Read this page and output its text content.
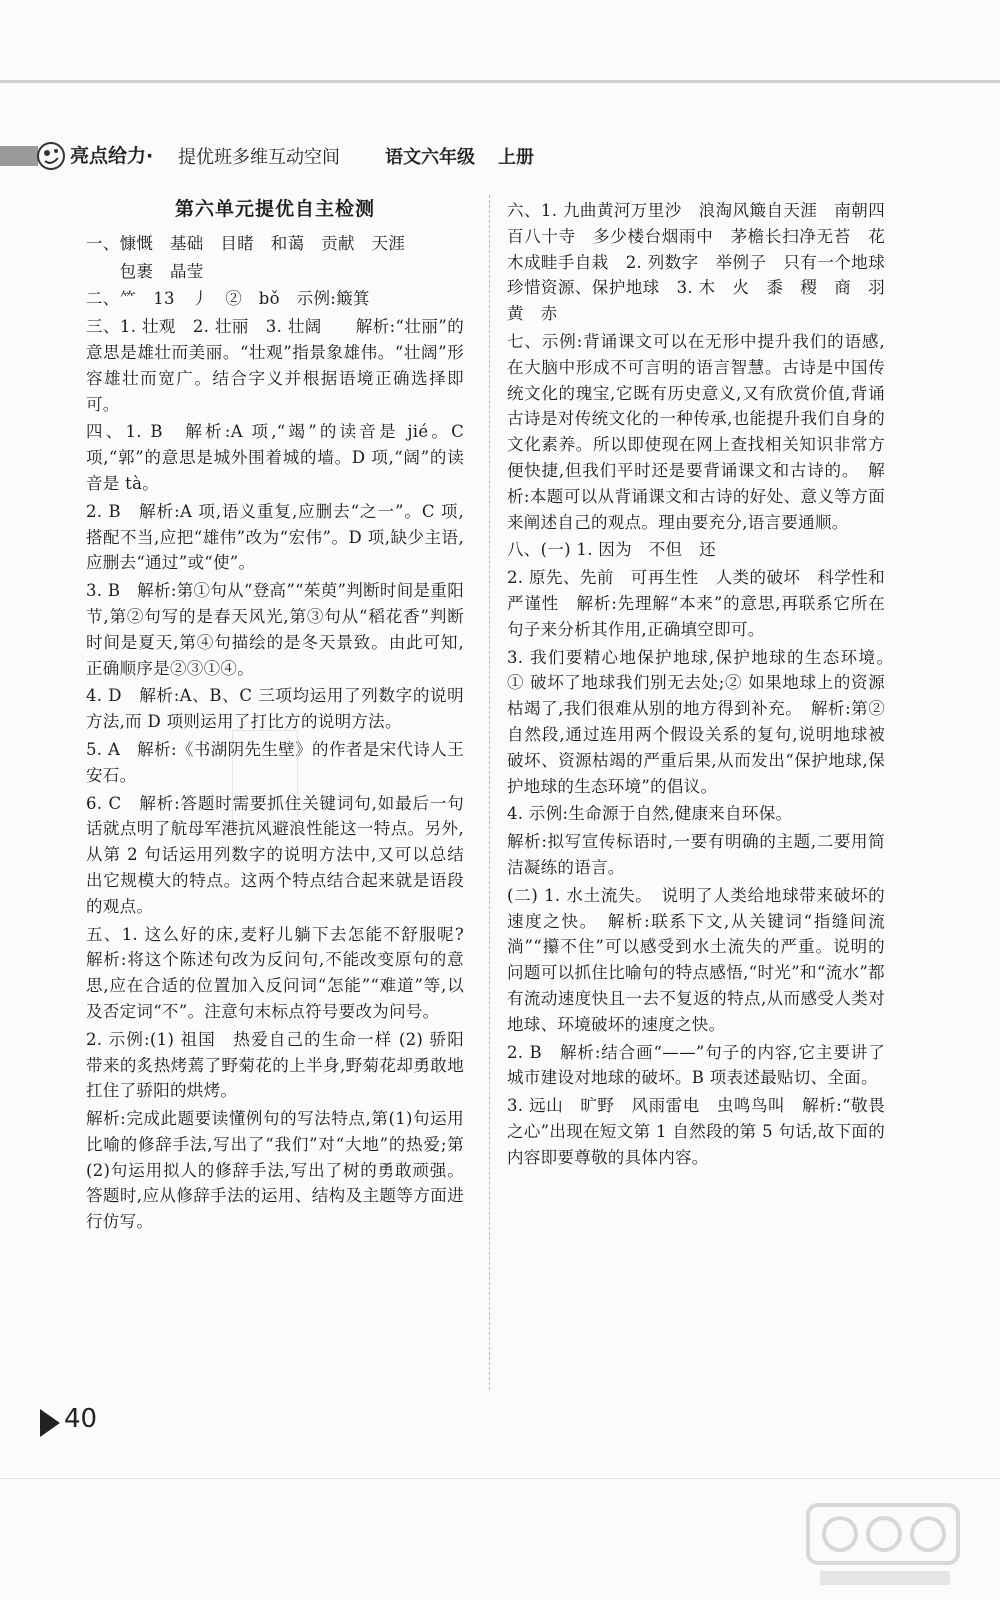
亮点给力· 提优班多维互动空间	语文六年级 上册
第六单元提优自主检测
一、慷慨　基础　目睹　和蔼　贡献　天涯
　　包裹　晶莹
二、⺮　13　丿　②　bǒ　示例:簸箕
三、1. 壮观　2. 壮丽　3. 壮阔　　解析:“壮丽”的意思是雄壮而美丽。“壮观”指景象雄伟。“壮阔”形容雄壮而宽广。结合字义并根据语境正确选择即可。
四、1. B　解析:A 项,“竭”的读音是 jié。C 项,“郭”的意思是城外围着城的墙。D 项,“阔”的读音是 tà。
2. B　解析:A 项,语义重复,应删去“之一”。C 项,搭配不当,应把“雄伟”改为“宏伟”。D 项,缺少主语,应删去“通过”或“使”。
3. B　解析:第①句从“登高”“茱萸”判断时间是重阳节,第②句写的是春天风光,第③句从“稻花香”判断时间是夏天,第④句描绘的是冬天景致。由此可知,正确顺序是②③①④。
4. D　解析:A、B、C 三项均运用了列数字的说明方法,而 D 项则运用了打比方的说明方法。
5. A　解析:《书湖阴先生壁》的作者是宋代诗人王安石。
6. C　解析:答题时需要抓住关键词句,如最后一句话就点明了航母军港抗风避浪性能这一特点。另外,从第 2 句话运用列数字的说明方法中,又可以总结出它规模大的特点。这两个特点结合起来就是语段的观点。
五、1. 这么好的床,麦籽儿躺下去怎能不舒服呢?　解析:将这个陈述句改为反问句,不能改变原句的意思,应在合适的位置加入反问词“怎能”“难道”等,以及否定词“不”。注意句末标点符号要改为问号。
2. 示例:(1) 祖国　热爱自己的生命一样 (2) 骄阳带来的炙热烤蔫了野菊花的上半身,野菊花却勇敢地扛住了骄阳的烘烤。
解析:完成此题要读懂例句的写法特点,第(1)句运用比喻的修辞手法,写出了“我们”对“大地”的热爱;第(2)句运用拟人的修辞手法,写出了树的勇敢顽强。答题时,应从修辞手法的运用、结构及主题等方面进行仿写。
六、1. 九曲黄河万里沙　浪淘风簸自天涯　南朝四百八十寺　多少楼台烟雨中　茅檐长扫净无苔　花木成畦手自栽　2. 列数字　举例子　只有一个地球　珍惜资源、保护地球　3. 木　火　黍　稷　商　羽　黄　赤
七、示例:背诵课文可以在无形中提升我们的语感,在大脑中形成不可言明的语言智慧。古诗是中国传统文化的瑰宝,它既有历史意义,又有欣赏价值,背诵古诗是对传统文化的一种传承,也能提升我们自身的文化素养。所以即使现在网上查找相关知识非常方便快捷,但我们平时还是要背诵课文和古诗的。　解析:本题可以从背诵课文和古诗的好处、意义等方面来阐述自己的观点。理由要充分,语言要通顺。
八、(一) 1. 因为　不但　还
2. 原先、先前　可再生性　人类的破坏　科学性和严谨性　解析:先理解“本来”的意思,再联系它所在句子来分析其作用,正确填空即可。
3. 我们要精心地保护地球,保护地球的生态环境。　① 破坏了地球我们别无去处;② 如果地球上的资源枯竭了,我们很难从别的地方得到补充。　解析:第②自然段,通过连用两个假设关系的复句,说明地球被破坏、资源枯竭的严重后果,从而发出“保护地球,保护地球的生态环境”的倡议。
4. 示例:生命源于自然,健康来自环保。
解析:拟写宣传标语时,一要有明确的主题,二要用简洁凝练的语言。
(二) 1. 水土流失。　说明了人类给地球带来破坏的速度之快。　解析:联系下文,从关键词“指缝间流淌”“攥不住”可以感受到水土流失的严重。说明的问题可以抓住比喻句的特点感悟,“时光”和“流水”都有流动速度快且一去不复返的特点,从而感受人类对地球、环境破坏的速度之快。
2. B　解析:结合画“——”句子的内容,它主要讲了城市建设对地球的破坏。B 项表述最贴切、全面。
3. 远山　旷野　风雨雷电　虫鸣鸟叫　解析:“敬畏之心”出现在短文第 1 自然段的第 5 句话,故下面的内容即要尊敬的具体内容。
40
